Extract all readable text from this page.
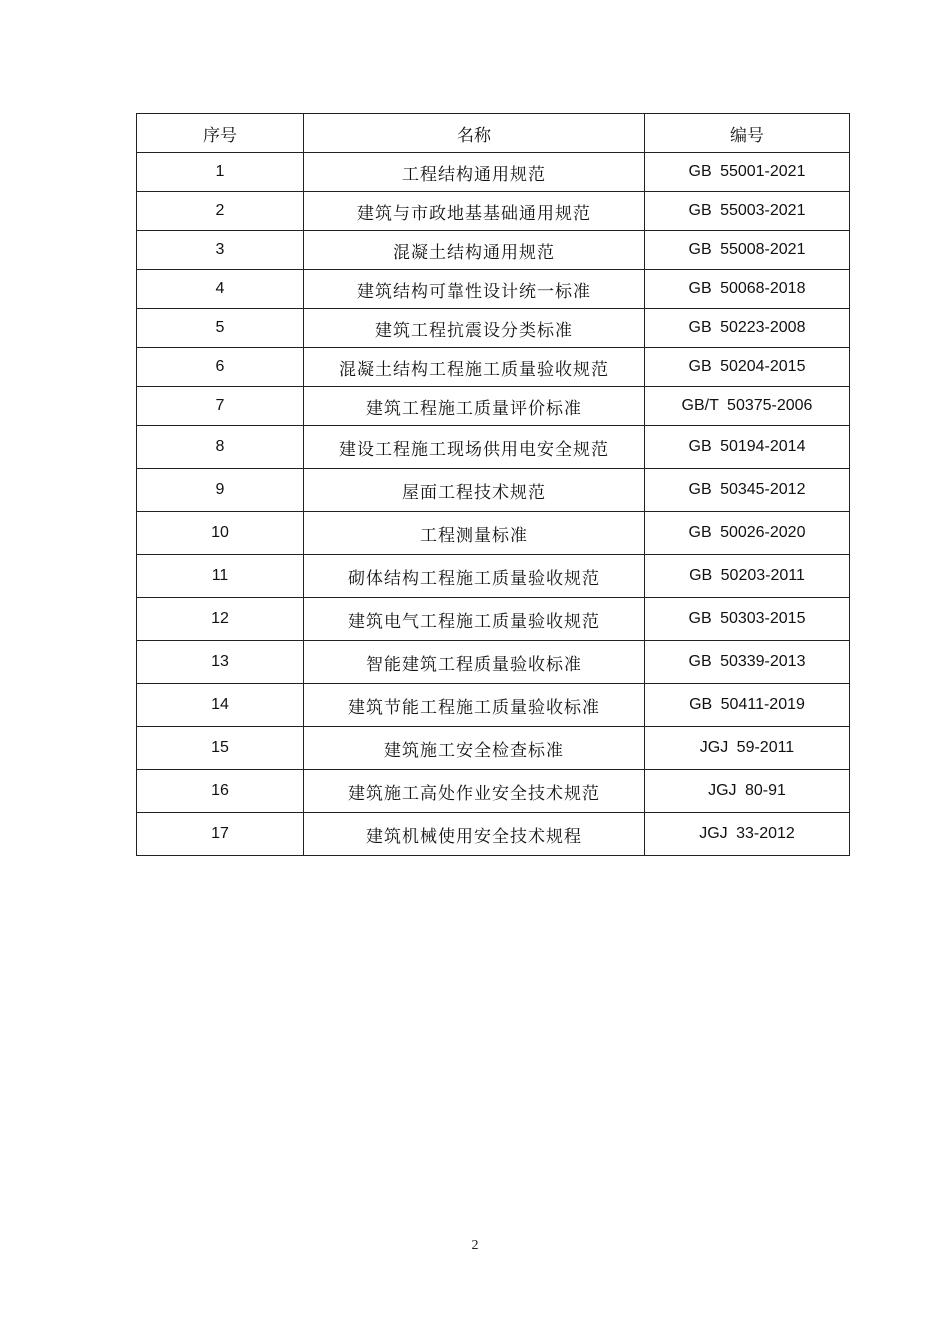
序号	名称	编号
1	工程结构通用规范	GB 55001-2021
2	建筑与市政地基基础通用规范	GB 55003-2021
3	混凝土结构通用规范	GB 55008-2021
4	建筑结构可靠性设计统一标准	GB 50068-2018
5	建筑工程抗震设分类标准	GB 50223-2008
6	混凝土结构工程施工质量验收规范	GB 50204-2015
7	建筑工程施工质量评价标准	GB/T 50375-2006
8	建设工程施工现场供用电安全规范	GB 50194-2014
9	屋面工程技术规范	GB 50345-2012
10	工程测量标准	GB 50026-2020
11	砌体结构工程施工质量验收规范	GB 50203-2011
12	建筑电气工程施工质量验收规范	GB 50303-2015
13	智能建筑工程质量验收标准	GB 50339-2013
14	建筑节能工程施工质量验收标准	GB 50411-2019
15	建筑施工安全检查标准	JGJ 59-2011
16	建筑施工高处作业安全技术规范	JGJ 80-91
17	建筑机械使用安全技术规程	JGJ 33-2012
2
